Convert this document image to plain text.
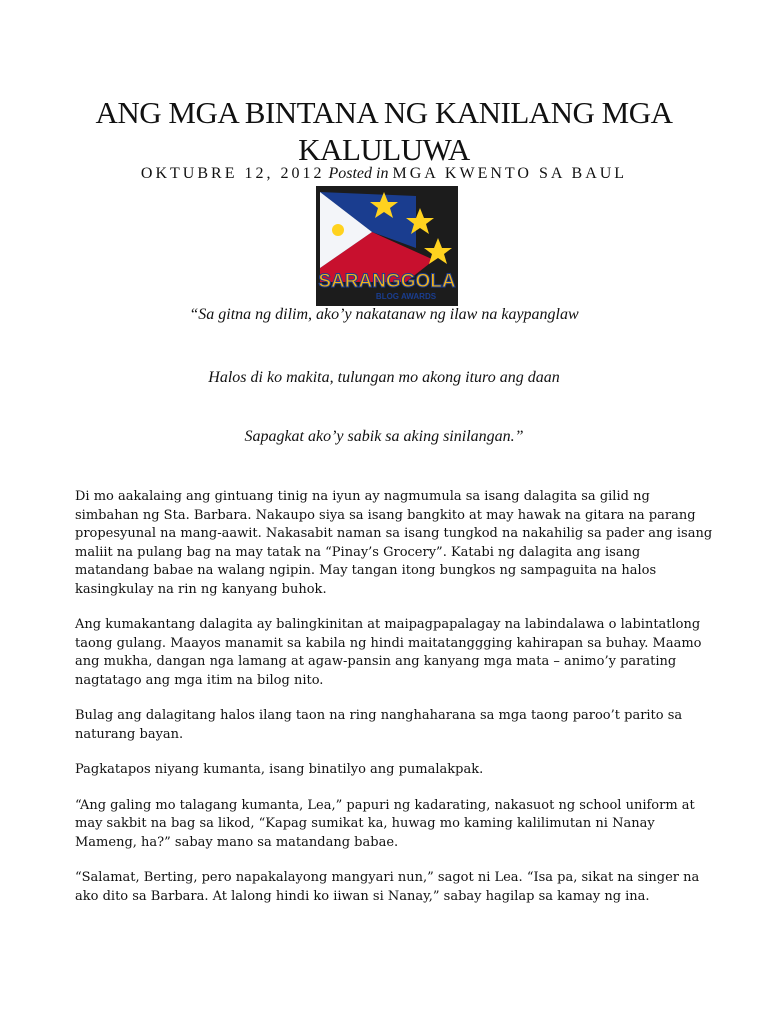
ANG MGA BINTANA NG KANILANG MGA KALULUWA
OKTUBRE 12, 2012 Posted in MGA KWENTO SA BAUL
SARANGGOLA
BLOG AWARDS
“Sa gitna ng dilim, ako’y nakatanaw ng ilaw na kaypanglaw
Halos di ko makita, tulungan mo akong ituro ang daan
Sapagkat ako’y sabik sa aking sinilangan.”

Di mo aakalaing ang gintuang tinig na iyun ay nagmumula sa isang dalagita sa gilid ng simbahan ng Sta. Barbara. Nakaupo siya sa isang bangkito at may hawak na gitara na parang propesyunal na mang-aawit. Nakasabit naman sa isang tungkod na nakahilig sa pader ang isang maliit na pulang bag na may tatak na “Pinay’s Grocery”. Katabi ng dalagita ang isang matandang babae na walang ngipin. May tangan itong bungkos ng sampaguita na halos kasingkulay na rin ng kanyang buhok.

Ang kumakantang dalagita ay balingkinitan at maipagpapalagay na labindalawa o labintatlong taong gulang. Maayos manamit sa kabila ng hindi maitatanggging kahirapan sa buhay. Maamo ang mukha, dangan nga lamang at agaw-pansin ang kanyang mga mata – animo’y parating nagtatago ang mga itim na bilog nito.

Bulag ang dalagitang halos ilang taon na ring nanghaharana sa mga taong paroo’t parito sa naturang bayan.

Pagkatapos niyang kumanta, isang binatilyo ang pumalakpak.

“Ang galing mo talagang kumanta, Lea,” papuri ng kadarating, nakasuot ng school uniform at may sakbit na bag sa likod, “Kapag sumikat ka, huwag mo kaming kalilimutan ni Nanay Mameng, ha?” sabay mano sa matandang babae.

“Salamat, Berting, pero napakalayong mangyari nun,” sagot ni Lea. “Isa pa, sikat na singer na ako dito sa Barbara. At lalong hindi ko iiwan si Nanay,” sabay hagilap sa kamay ng ina.
